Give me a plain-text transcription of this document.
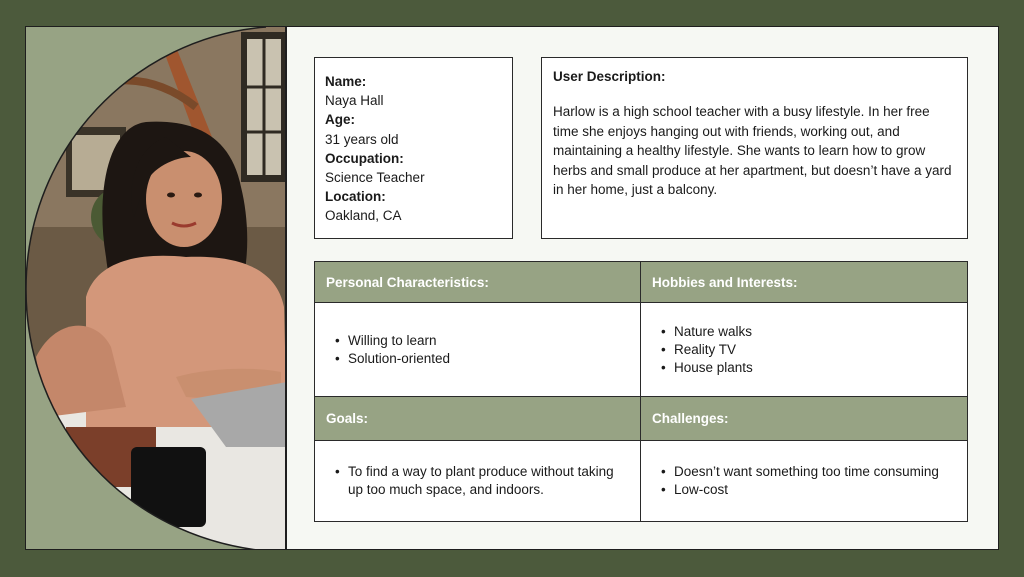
Name:
Naya Hall
Age:
31 years old
Occupation:
Science Teacher
Location:
Oakland, CA
User Description:
Harlow is a high school teacher with a busy lifestyle. In her free time she enjoys hanging out with friends, working out, and maintaining a healthy lifestyle. She wants to learn how to grow herbs and small produce at her apartment, but doesn’t have a yard in her home, just a balcony.
Personal Characteristics:	Hobbies and Interests:
• Willing to learn
• Solution-oriented
• Nature walks
• Reality TV
• House plants
Goals:	Challenges:
• To find a way to plant produce without taking up too much space, and indoors.
• Doesn’t want something too time consuming
• Low-cost
